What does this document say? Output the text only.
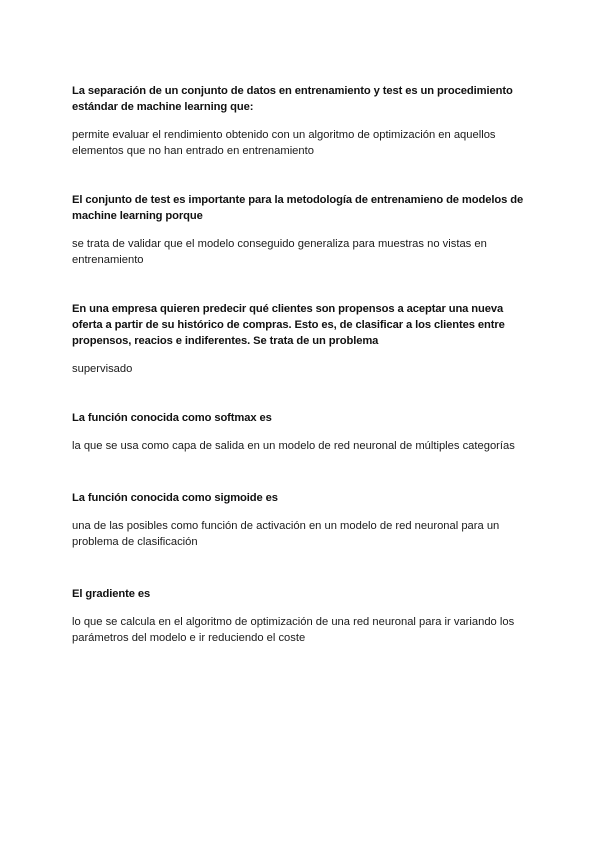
La separación de un conjunto de datos en entrenamiento y test es un procedimiento estándar de machine learning que:

permite evaluar el rendimiento obtenido con un algoritmo de optimización en aquellos elementos que no han entrado en entrenamiento

El conjunto de test es importante para la metodología de entrenamieno de modelos de machine learning porque

se trata de validar que el modelo conseguido generaliza para muestras no vistas en entrenamiento

En una empresa quieren predecir qué clientes son propensos a aceptar una nueva oferta a partir de su histórico de compras. Esto es, de clasificar a los clientes entre propensos, reacios e indiferentes. Se trata de un problema

supervisado

La función conocida como softmax es

la que se usa como capa de salida en un modelo de red neuronal de múltiples categorías

La función conocida como sigmoide es

una de las posibles como función de activación en un modelo de red neuronal para un problema de clasificación

El gradiente es

lo que se calcula en el algoritmo de optimización de una red neuronal para ir variando los parámetros del modelo e ir reduciendo el coste
